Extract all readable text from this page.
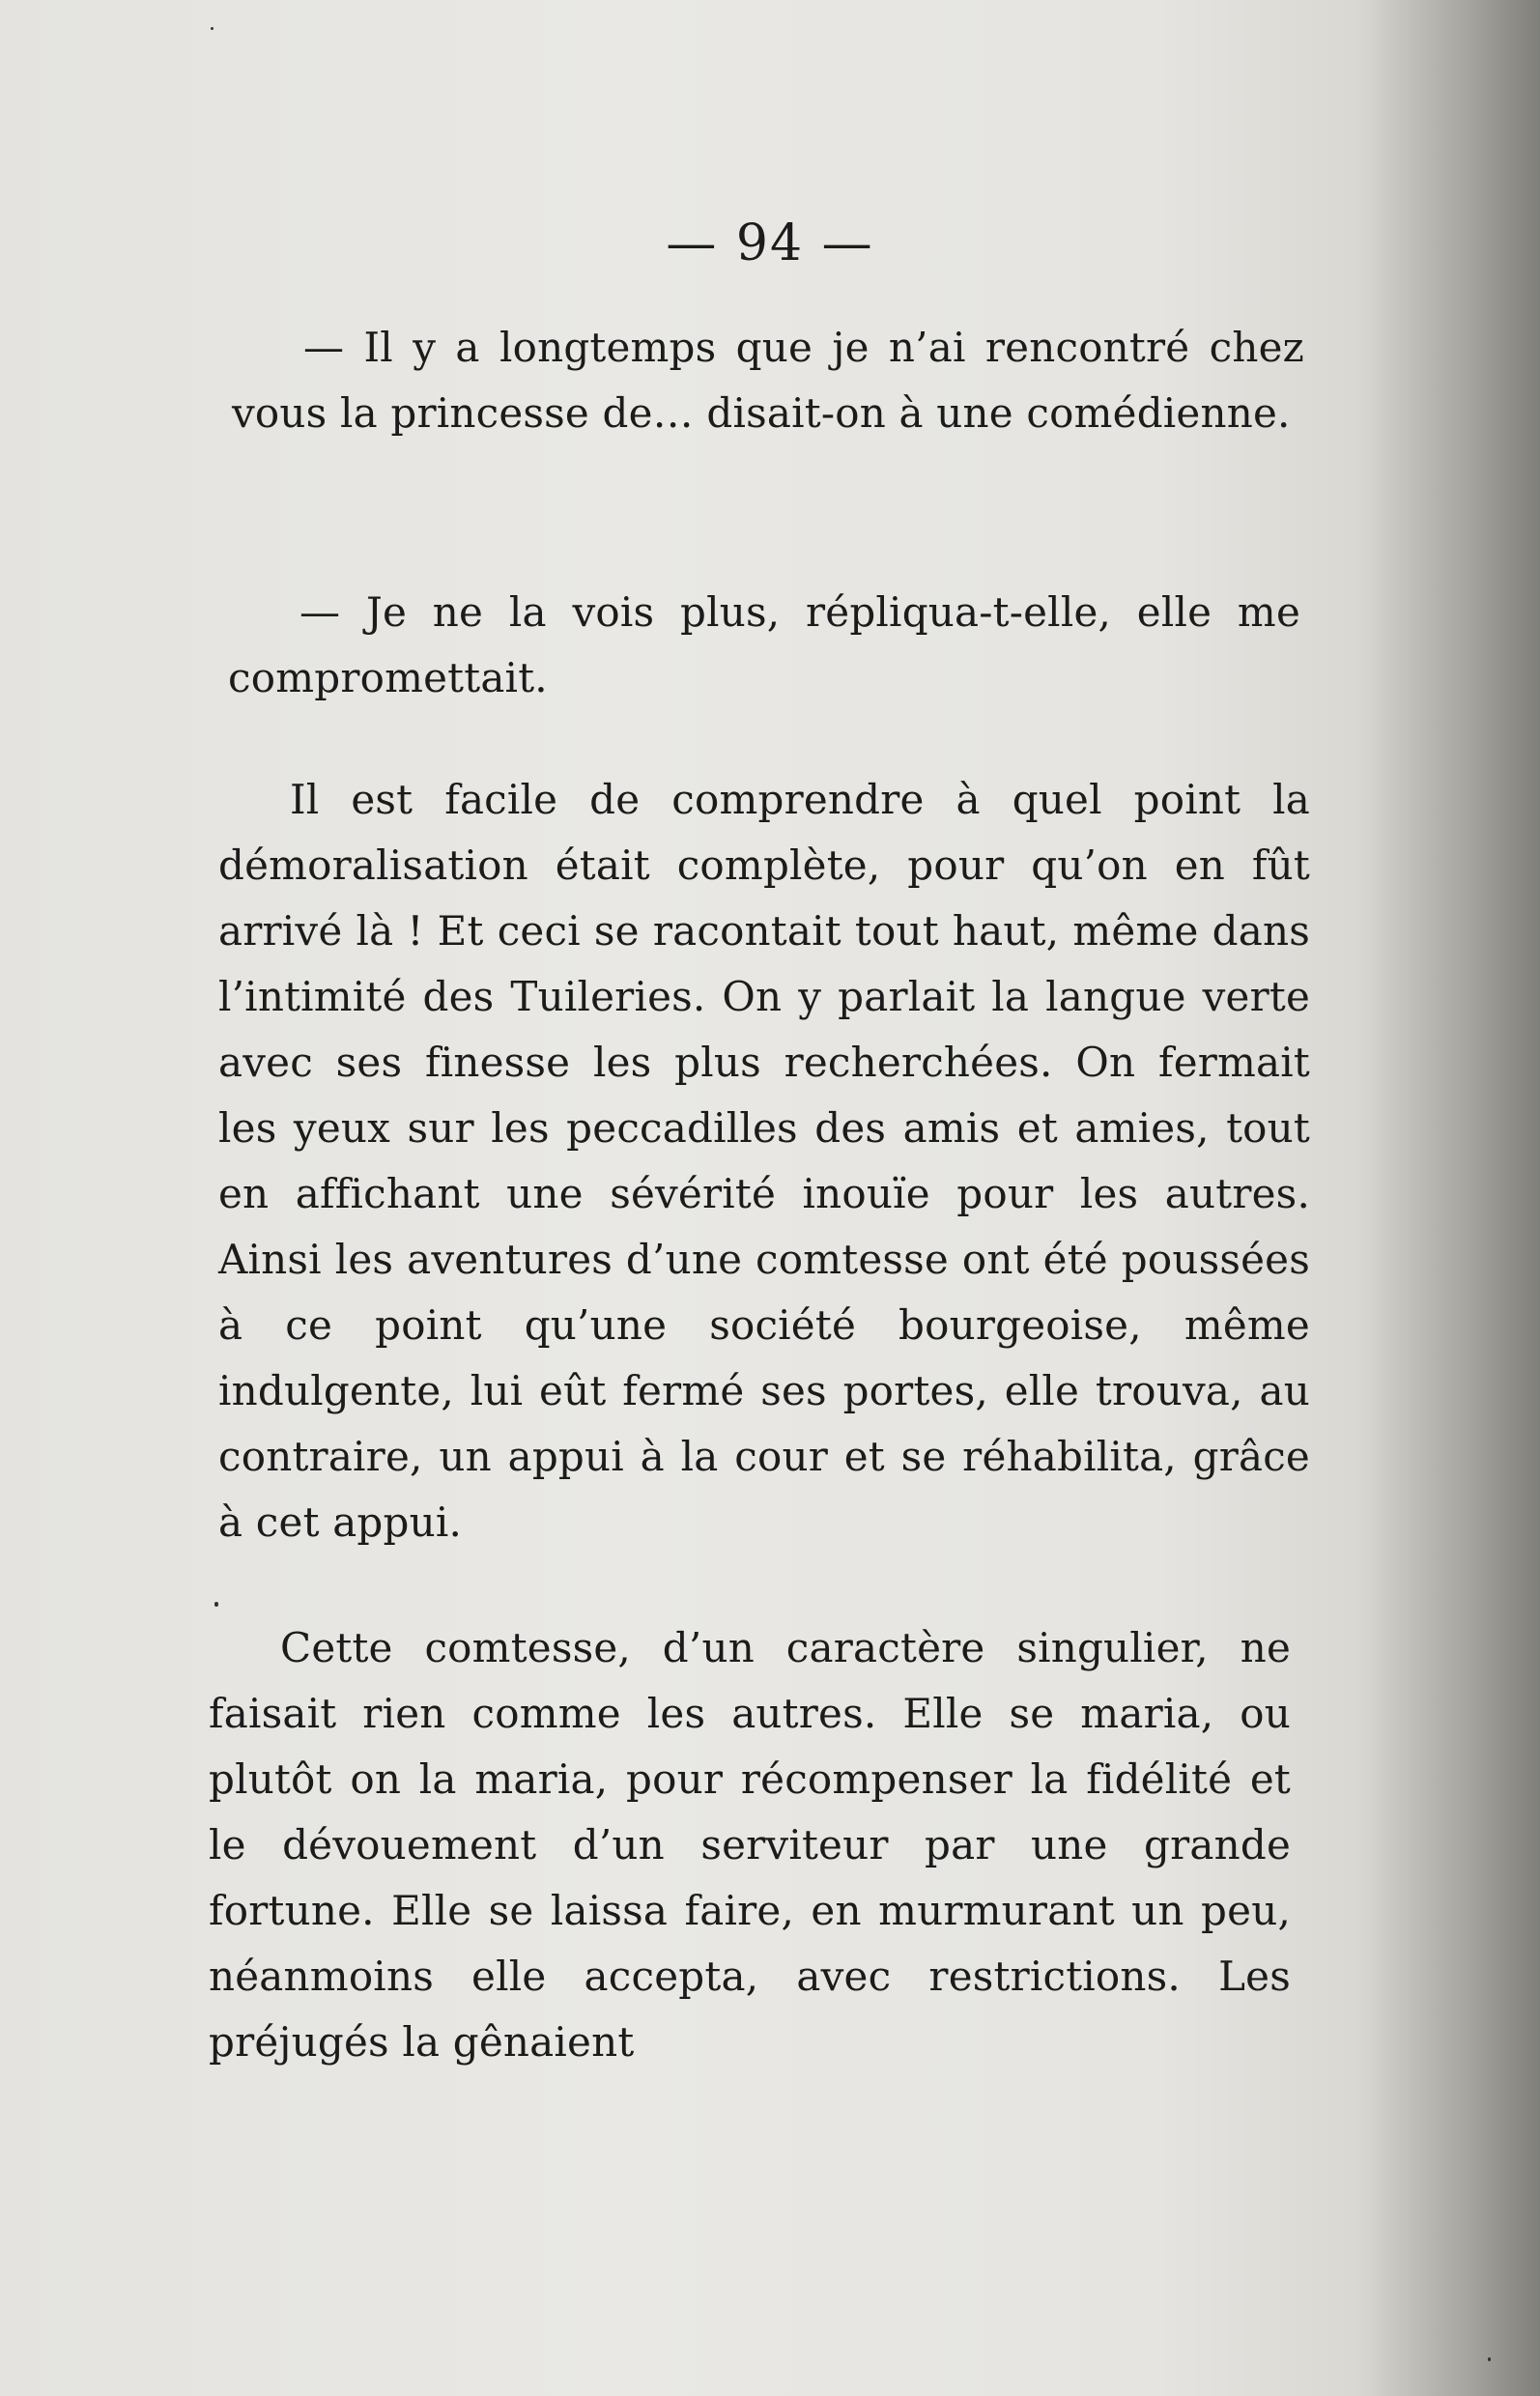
— 94 —

— Il y a longtemps que je n’ai rencontré chez vous la princesse de… disait-on à une comédienne.

— Je ne la vois plus, répliqua-t-elle, elle me compromettait.

Il est facile de comprendre à quel point la démoralisation était complète, pour qu’on en fût arrivé là ! Et ceci se racontait tout haut, même dans l’intimité des Tuileries. On y parlait la langue verte avec ses finesse les plus recherchées. On fermait les yeux sur les peccadilles des amis et amies, tout en affichant une sévérité inouïe pour les autres. Ainsi les aventures d’une comtesse ont été poussées à ce point qu’une société bourgeoise, même indulgente, lui eût fermé ses portes, elle trouva, au contraire, un appui à la cour et se réhabilita, grâce à cet appui.

Cette comtesse, d’un caractère singulier, ne faisait rien comme les autres. Elle se maria, ou plutôt on la maria, pour récompenser la fidélité et le dévouement d’un serviteur par une grande fortune. Elle se laissa faire, en murmurant un peu, néanmoins elle accepta, avec restrictions. Les préjugés la gênaient
